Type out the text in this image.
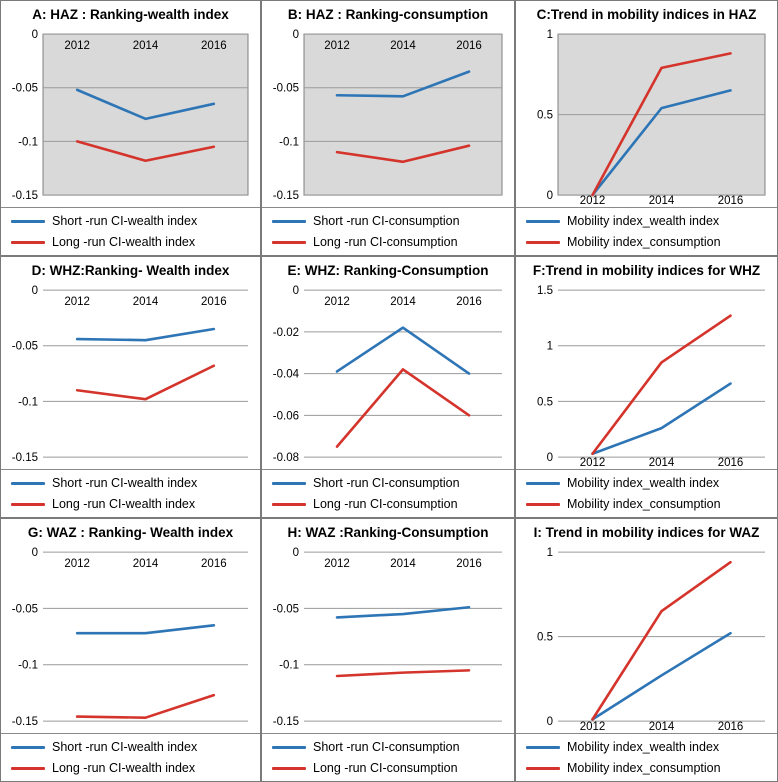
A: HAZ : Ranking-wealth index
0
-0.05
-0.1
-0.15
2012	2014	2016
Short -run CI-wealth index
Long -run CI-wealth index
B: HAZ : Ranking-consumption
0
-0.05
-0.1
-0.15
2012	2014	2016
Short -run CI-consumption
Long -run CI-consumption
C:Trend in mobility indices in HAZ
0
0.5
1
2012	2014	2016
Mobility index_wealth index
Mobility index_consumption
D: WHZ:Ranking- Wealth index
0
-0.05
-0.1
-0.15
2012	2014	2016
Short -run CI-wealth index
Long -run CI-wealth index
E: WHZ: Ranking-Consumption
0
-0.02
-0.04
-0.06
-0.08
2012	2014	2016
Short -run CI-consumption
Long -run CI-consumption
F:Trend in mobility indices for WHZ
0
0.5
1
1.5
2012	2014	2016
Mobility index_wealth index
Mobility index_consumption
G: WAZ : Ranking- Wealth index
0
-0.05
-0.1
-0.15
2012	2014	2016
Short -run CI-wealth index
Long -run CI-wealth index
H: WAZ :Ranking-Consumption
0
-0.05
-0.1
-0.15
2012	2014	2016
Short -run CI-consumption
Long -run CI-consumption
I: Trend in mobility indices for WAZ
0
0.5
1
2012	2014	2016
Mobility index_wealth index
Mobility index_consumption
